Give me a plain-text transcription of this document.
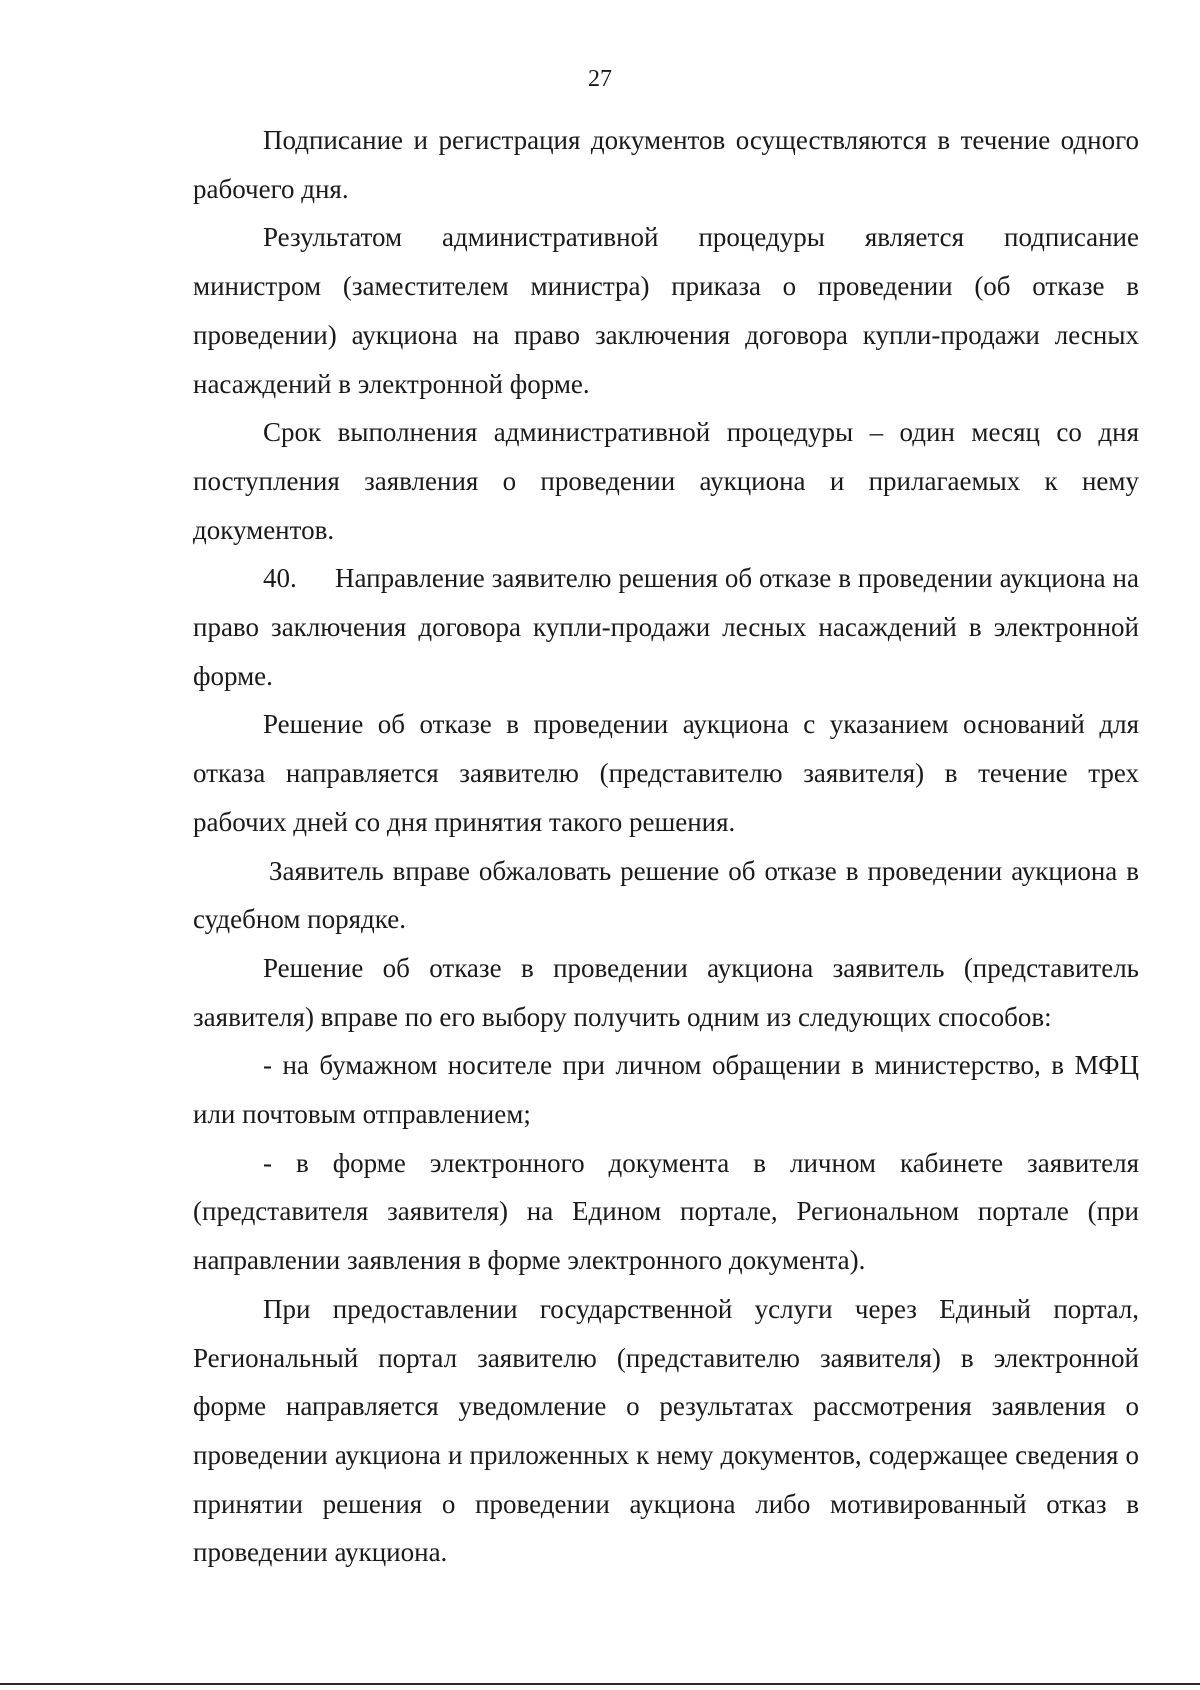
27

Подписание и регистрация документов осуществляются в течение одного рабочего дня.

Результатом административной процедуры является подписание министром (заместителем министра) приказа о проведении (об отказе в проведении) аукциона на право заключения договора купли-продажи лесных насаждений в электронной форме.

Срок выполнения административной процедуры – один месяц со дня поступления заявления о проведении аукциона и прилагаемых к нему документов.

40. Направление заявителю решения об отказе в проведении аукциона на право заключения договора купли-продажи лесных насаждений в электронной форме.

Решение об отказе в проведении аукциона с указанием оснований для отказа направляется заявителю (представителю заявителя) в течение трех рабочих дней со дня принятия такого решения.

Заявитель вправе обжаловать решение об отказе в проведении аукциона в судебном порядке.

Решение об отказе в проведении аукциона заявитель (представитель заявителя) вправе по его выбору получить одним из следующих способов:

- на бумажном носителе при личном обращении в министерство, в МФЦ или почтовым отправлением;

- в форме электронного документа в личном кабинете заявителя (представителя заявителя) на Едином портале, Региональном портале (при направлении заявления в форме электронного документа).

При предоставлении государственной услуги через Единый портал, Региональный портал заявителю (представителю заявителя) в электронной форме направляется уведомление о результатах рассмотрения заявления о проведении аукциона и приложенных к нему документов, содержащее сведения о принятии решения о проведении аукциона либо мотивированный отказ в проведении аукциона.
